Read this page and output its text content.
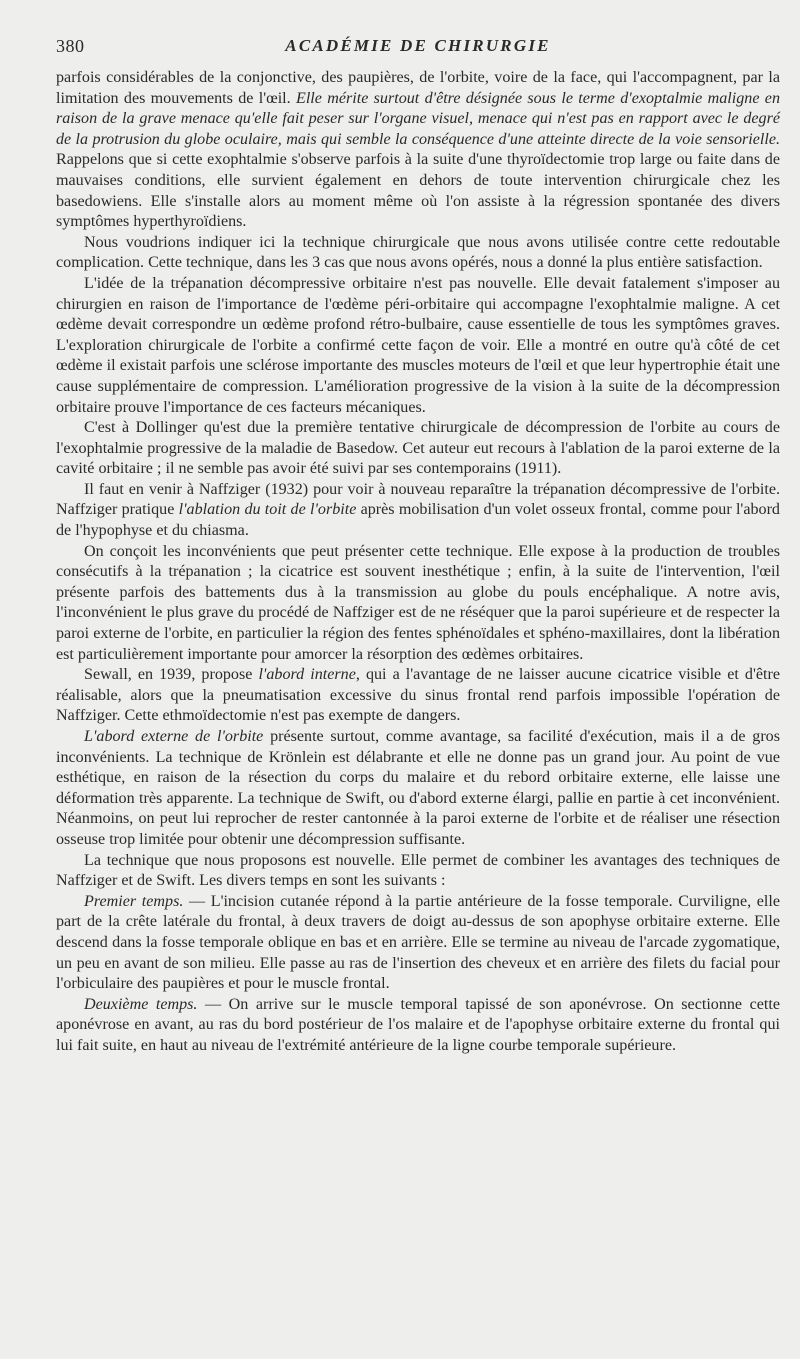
380	ACADÉMIE DE CHIRURGIE

parfois considérables de la conjonctive, des paupières, de l'orbite, voire de la face, qui l'accompagnent, par la limitation des mouvements de l'œil. Elle mérite surtout d'être désignée sous le terme d'exoptalmie maligne en raison de la grave menace qu'elle fait peser sur l'organe visuel, menace qui n'est pas en rapport avec le degré de la protrusion du globe oculaire, mais qui semble la conséquence d'une atteinte directe de la voie sensorielle. Rappelons que si cette exophtalmie s'observe parfois à la suite d'une thyroïdectomie trop large ou faite dans de mauvaises conditions, elle survient également en dehors de toute intervention chirurgicale chez les basedowiens. Elle s'installe alors au moment même où l'on assiste à la régression spontanée des divers symptômes hyperthyroïdiens.

Nous voudrions indiquer ici la technique chirurgicale que nous avons utilisée contre cette redoutable complication. Cette technique, dans les 3 cas que nous avons opérés, nous a donné la plus entière satisfaction.

L'idée de la trépanation décompressive orbitaire n'est pas nouvelle. Elle devait fatalement s'imposer au chirurgien en raison de l'importance de l'œdème péri-orbitaire qui accompagne l'exophtalmie maligne. A cet œdème devait correspondre un œdème profond rétro-bulbaire, cause essentielle de tous les symptômes graves. L'exploration chirurgicale de l'orbite a confirmé cette façon de voir. Elle a montré en outre qu'à côté de cet œdème il existait parfois une sclérose importante des muscles moteurs de l'œil et que leur hypertrophie était une cause supplémentaire de compression. L'amélioration progressive de la vision à la suite de la décompression orbitaire prouve l'importance de ces facteurs mécaniques.

C'est à Dollinger qu'est due la première tentative chirurgicale de décompression de l'orbite au cours de l'exophtalmie progressive de la maladie de Basedow. Cet auteur eut recours à l'ablation de la paroi externe de la cavité orbitaire ; il ne semble pas avoir été suivi par ses contemporains (1911).

Il faut en venir à Naffziger (1932) pour voir à nouveau reparaître la trépanation décompressive de l'orbite. Naffziger pratique l'ablation du toit de l'orbite après mobilisation d'un volet osseux frontal, comme pour l'abord de l'hypophyse et du chiasma.

On conçoit les inconvénients que peut présenter cette technique. Elle expose à la production de troubles consécutifs à la trépanation ; la cicatrice est souvent inesthétique ; enfin, à la suite de l'intervention, l'œil présente parfois des battements dus à la transmission au globe du pouls encéphalique. A notre avis, l'inconvénient le plus grave du procédé de Naffziger est de ne réséquer que la paroi supérieure et de respecter la paroi externe de l'orbite, en particulier la région des fentes sphénoïdales et sphéno-maxillaires, dont la libération est particulièrement importante pour amorcer la résorption des œdèmes orbitaires.

Sewall, en 1939, propose l'abord interne, qui a l'avantage de ne laisser aucune cicatrice visible et d'être réalisable, alors que la pneumatisation excessive du sinus frontal rend parfois impossible l'opération de Naffziger. Cette ethmoïdectomie n'est pas exempte de dangers.

L'abord externe de l'orbite présente surtout, comme avantage, sa facilité d'exécution, mais il a de gros inconvénients. La technique de Krönlein est délabrante et elle ne donne pas un grand jour. Au point de vue esthétique, en raison de la résection du corps du malaire et du rebord orbitaire externe, elle laisse une déformation très apparente. La technique de Swift, ou d'abord externe élargi, pallie en partie à cet inconvénient. Néanmoins, on peut lui reprocher de rester cantonnée à la paroi externe de l'orbite et de réaliser une résection osseuse trop limitée pour obtenir une décompression suffisante.

La technique que nous proposons est nouvelle. Elle permet de combiner les avantages des techniques de Naffziger et de Swift. Les divers temps en sont les suivants :

Premier temps. — L'incision cutanée répond à la partie antérieure de la fosse temporale. Curviligne, elle part de la crête latérale du frontal, à deux travers de doigt au-dessus de son apophyse orbitaire externe. Elle descend dans la fosse temporale oblique en bas et en arrière. Elle se termine au niveau de l'arcade zygomatique, un peu en avant de son milieu. Elle passe au ras de l'insertion des cheveux et en arrière des filets du facial pour l'orbiculaire des paupières et pour le muscle frontal.

Deuxième temps. — On arrive sur le muscle temporal tapissé de son aponévrose. On sectionne cette aponévrose en avant, au ras du bord postérieur de l'os malaire et de l'apophyse orbitaire externe du frontal qui lui fait suite, en haut au niveau de l'extrémité antérieure de la ligne courbe temporale supérieure.
